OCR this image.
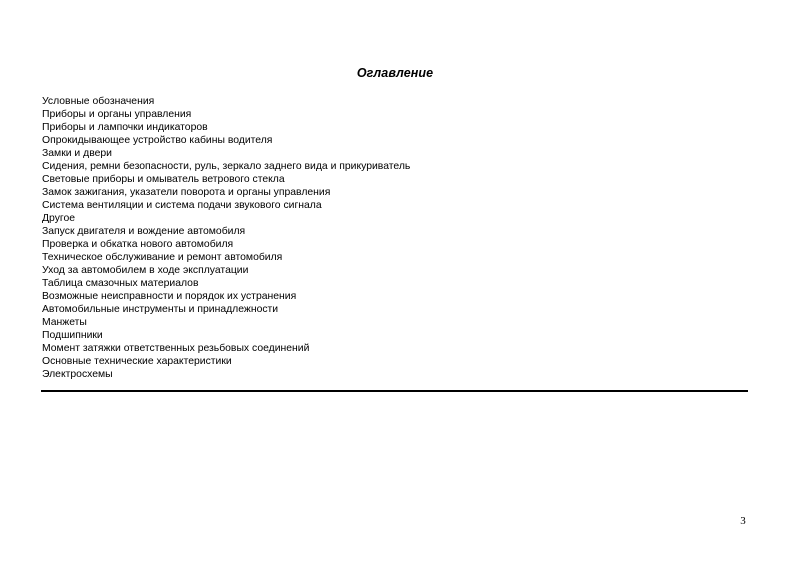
Оглавление
Условные обозначения
Приборы и органы управления
Приборы и лампочки индикаторов
Опрокидывающее устройство кабины водителя
Замки и двери
Сидения, ремни безопасности, руль, зеркало заднего вида и прикуриватель
Световые приборы и омыватель ветрового стекла
Замок зажигания, указатели поворота и органы управления
Система вентиляции и система подачи звукового сигнала
Другое
Запуск двигателя и вождение автомобиля
Проверка и обкатка нового автомобиля
Техническое обслуживание и ремонт автомобиля
Уход за автомобилем в ходе эксплуатации
Таблица смазочных материалов
Возможные неисправности и порядок их устранения
Автомобильные инструменты и принадлежности
Манжеты
Подшипники
Момент затяжки ответственных резьбовых соединений
Основные технические характеристики
Электросхемы
3
